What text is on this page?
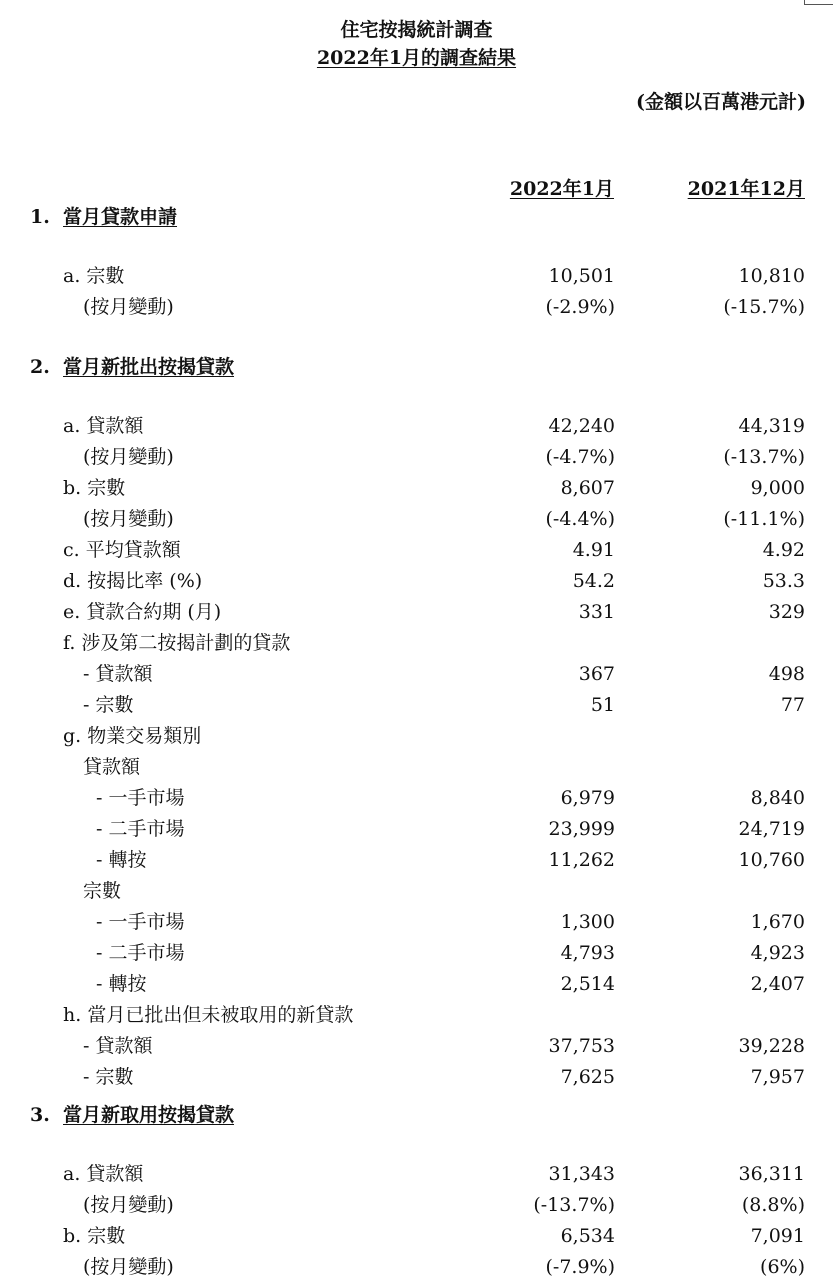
住宅按揭統計調查
2022年1月的調查結果
(金額以百萬港元計)
2022年1月	2021年12月
1. 當月貸款申請
a. 宗數	10,501	10,810
(按月變動)	(-2.9%)	(-15.7%)
2. 當月新批出按揭貸款
a. 貸款額	42,240	44,319
(按月變動)	(-4.7%)	(-13.7%)
b. 宗數	8,607	9,000
(按月變動)	(-4.4%)	(-11.1%)
c. 平均貸款額	4.91	4.92
d. 按揭比率 (%)	54.2	53.3
e. 貸款合約期 (月)	331	329
f. 涉及第二按揭計劃的貸款
- 貸款額	367	498
- 宗數	51	77
g. 物業交易類別
貸款額
- 一手市場	6,979	8,840
- 二手市場	23,999	24,719
- 轉按	11,262	10,760
宗數
- 一手市場	1,300	1,670
- 二手市場	4,793	4,923
- 轉按	2,514	2,407
h. 當月已批出但未被取用的新貸款
- 貸款額	37,753	39,228
- 宗數	7,625	7,957
3. 當月新取用按揭貸款
a. 貸款額	31,343	36,311
(按月變動)	(-13.7%)	(8.8%)
b. 宗數	6,534	7,091
(按月變動)	(-7.9%)	(6%)
